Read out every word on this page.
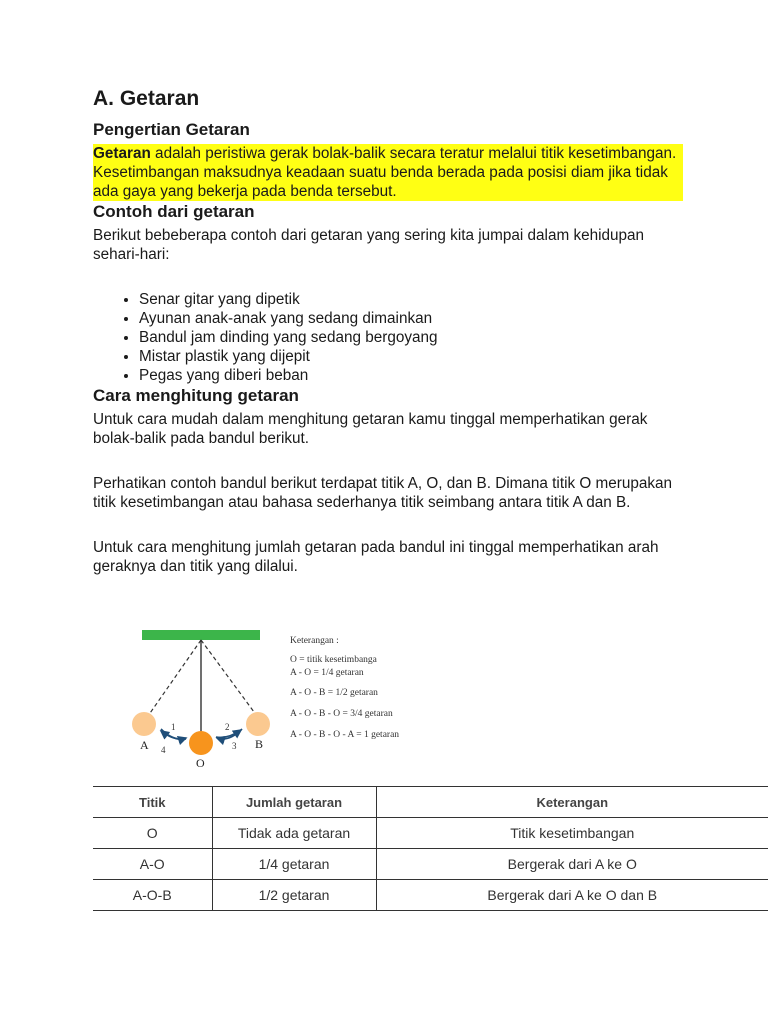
A. Getaran
Pengertian Getaran

Getaran adalah peristiwa gerak bolak-balik secara teratur melalui titik kesetimbangan. Kesetimbangan maksudnya keadaan suatu benda berada pada posisi diam jika tidak ada gaya yang bekerja pada benda tersebut.

Contoh dari getaran

Berikut bebeberapa contoh dari getaran yang sering kita jumpai dalam kehidupan sehari-hari:

• Senar gitar yang dipetik
• Ayunan anak-anak yang sedang dimainkan
• Bandul jam dinding yang sedang bergoyang
• Mistar plastik yang dijepit
• Pegas yang diberi beban
Cara menghitung getaran

Untuk cara mudah dalam menghitung getaran kamu tinggal memperhatikan gerak bolak-balik pada bandul berikut.

Perhatikan contoh bandul berikut terdapat titik A, O, dan B. Dimana titik O merupakan titik kesetimbangan atau bahasa sederhanya titik seimbang antara titik A dan B.

Untuk cara menghitung jumlah getaran pada bandul ini tinggal memperhatikan arah geraknya dan titik yang dilalui.

1	2
3
4
A	B
O
Keterangan :
O = titik kesetimbanga
A - O = 1/4 getaran
A - O - B = 1/2 getaran
A - O - B - O = 3/4 getaran
A - O - B - O - A = 1 getaran
Titik	Jumlah getaran	Keterangan
O	Tidak ada getaran	Titik kesetimbangan
A-O	1/4 getaran	Bergerak dari A ke O
A-O-B	1/2 getaran	Bergerak dari A ke O dan B
